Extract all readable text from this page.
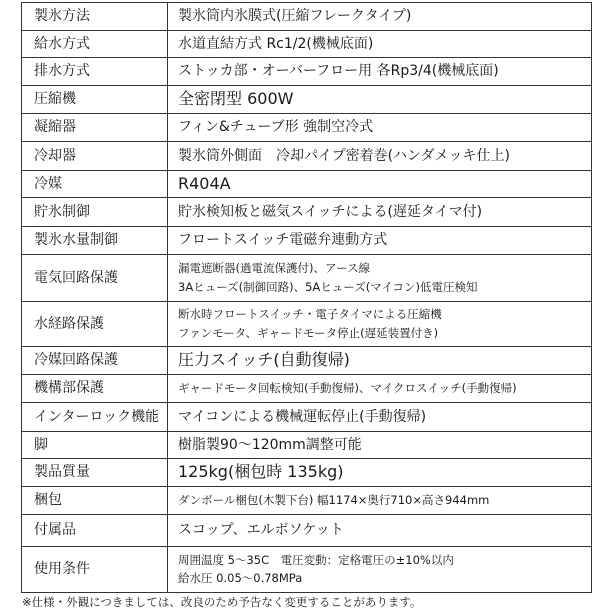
製氷方法	製氷筒内氷膜式(圧縮フレークタイプ)

給水方式	水道直結方式 Rc1/2(機械底面)

排水方式	ストッカ部・オーバーフロー用 各Rp3/4(機械底面)

圧縮機	全密閉型 600W

凝縮器	フィン&チューブ形 強制空冷式

冷却器	製氷筒外側面　冷却パイプ密着巻(ハンダメッキ仕上)

冷媒	R404A

貯氷制御	貯氷検知板と磁気スイッチによる(遅延タイマ付)

製氷水量制御	フロートスイッチ電磁弁連動方式

電気回路保護	漏電遮断器(過電流保護付)、アース線
3Aヒューズ(制御回路)、5Aヒューズ(マイコン)低電圧検知

水経路保護	断水時フロートスイッチ・電子タイマによる圧縮機
ファンモータ、ギャードモータ停止(遅延装置付き)

冷媒回路保護	圧力スイッチ(自動復帰)

機構部保護	ギャードモータ回転検知(手動復帰)、マイクロスイッチ(手動復帰)

インターロック機能	マイコンによる機械運転停止(手動復帰)

脚	樹脂製90～120mm調整可能

製品質量	125kg(梱包時 135kg)

梱包	ダンボール梱包(木製下台) 幅1174×奥行710×高さ944mm

付属品	スコップ、エルボソケット

使用条件	周囲温度 5～35C　電圧変動：定格電圧の±10%以内
給水圧 0.05～0.78MPa
※仕様・外観につきましては、改良のため予告なく変更することがあります。
